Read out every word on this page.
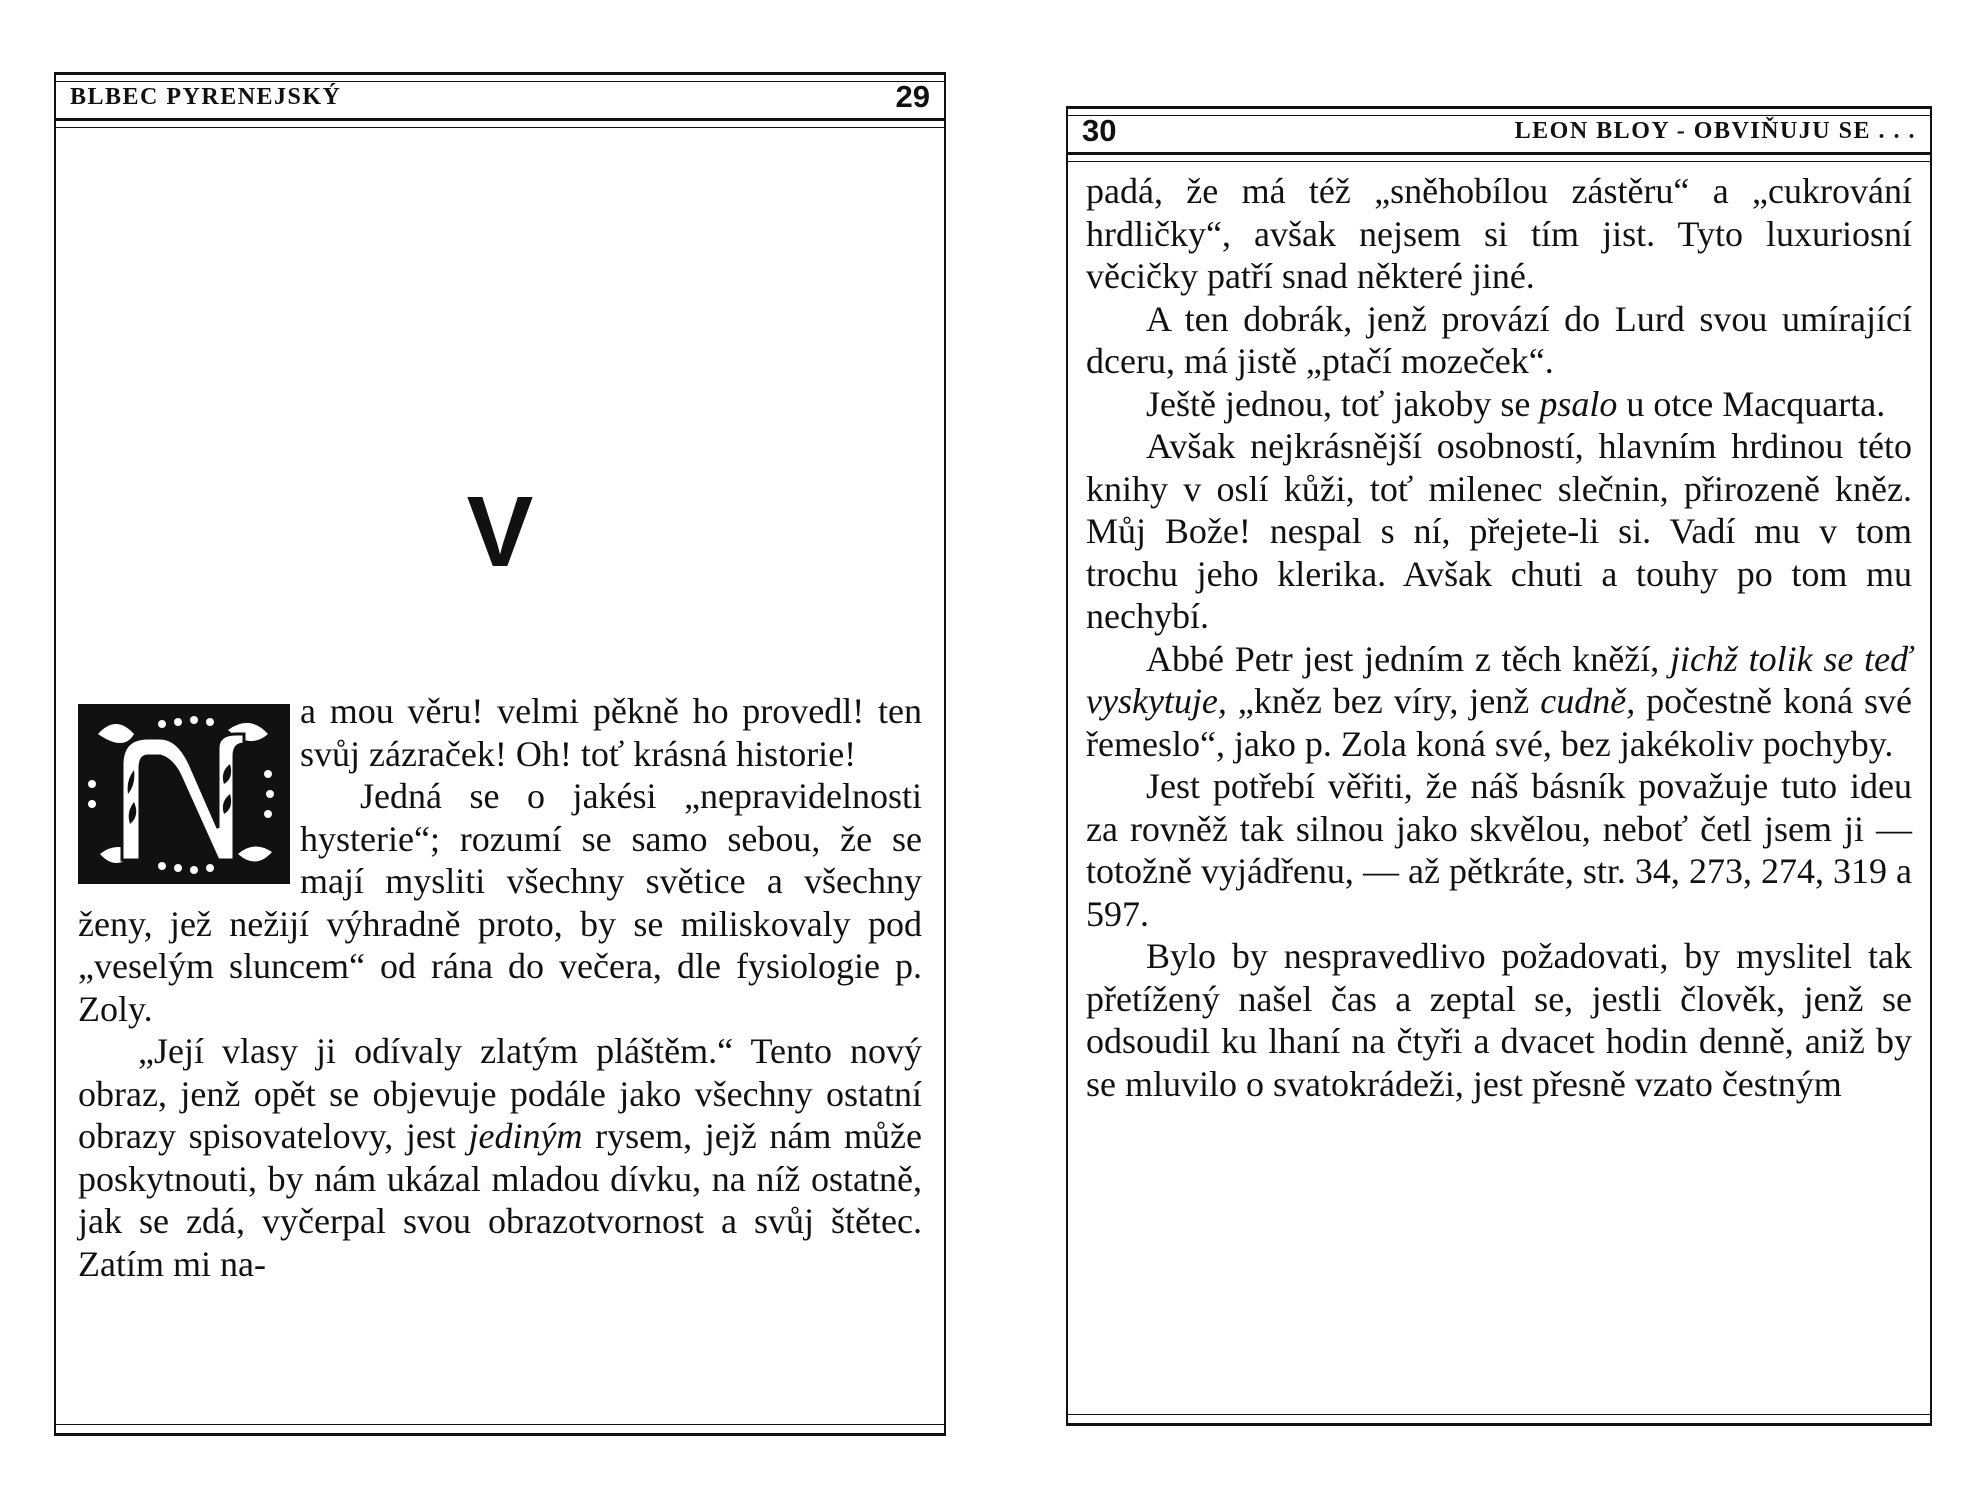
BLBEC PYRENEJSKÝ	29
V

a mou věru! velmi pěkně ho provedl! ten svůj zázraček! Oh! toť krásná historie!

Jedná se o jakési „nepravidelnosti hysterie“; rozumí se samo sebou, že se mají mysliti všechny světice a všechny ženy, jež nežijí výhradně proto, by se miliskovaly pod „veselým sluncem“ od rána do večera, dle fysiologie p. Zoly.

„Její vlasy ji odívaly zlatým pláštěm.“ Tento nový obraz, jenž opět se objevuje podále jako všechny ostatní obrazy spisovatelovy, jest jediným rysem, jejž nám může poskytnouti, by nám ukázal mladou dívku, na níž ostatně, jak se zdá, vyčerpal svou obrazotvornost a svůj štětec. Zatím mi na‑

30	LEON BLOY - OBVIŇUJU SE . . .

padá, že má též „sněhobílou zástěru“ a „cukrování hrdličky“, avšak nejsem si tím jist. Tyto luxuriosní věcičky patří snad některé jiné.

A ten dobrák, jenž provází do Lurd svou umírající dceru, má jistě „ptačí mozeček“.

Ještě jednou, toť jakoby se psalo u otce Macquarta.

Avšak nejkrásnější osobností, hlavním hrdinou této knihy v oslí kůži, toť milenec slečnin, přirozeně kněz. Můj Bože! nespal s ní, přejete‑li si. Vadí mu v tom trochu jeho klerika. Avšak chuti a touhy po tom mu nechybí.

Abbé Petr jest jedním z těch kněží, jichž tolik se teď vyskytuje, „kněz bez víry, jenž cudně, počestně koná své řemeslo“, jako p. Zola koná své, bez jakékoliv pochyby.

Jest potřebí věřiti, že náš básník považuje tuto ideu za rovněž tak silnou jako skvělou, neboť četl jsem ji — totožně vyjádřenu, — až pětkráte, str. 34, 273, 274, 319 a 597.

Bylo by nespravedlivo požadovati, by myslitel tak přetížený našel čas a zeptal se, jestli člověk, jenž se odsoudil ku lhaní na čtyři a dvacet hodin denně, aniž by se mluvilo o svatokrádeži, jest přesně vzato čestným
